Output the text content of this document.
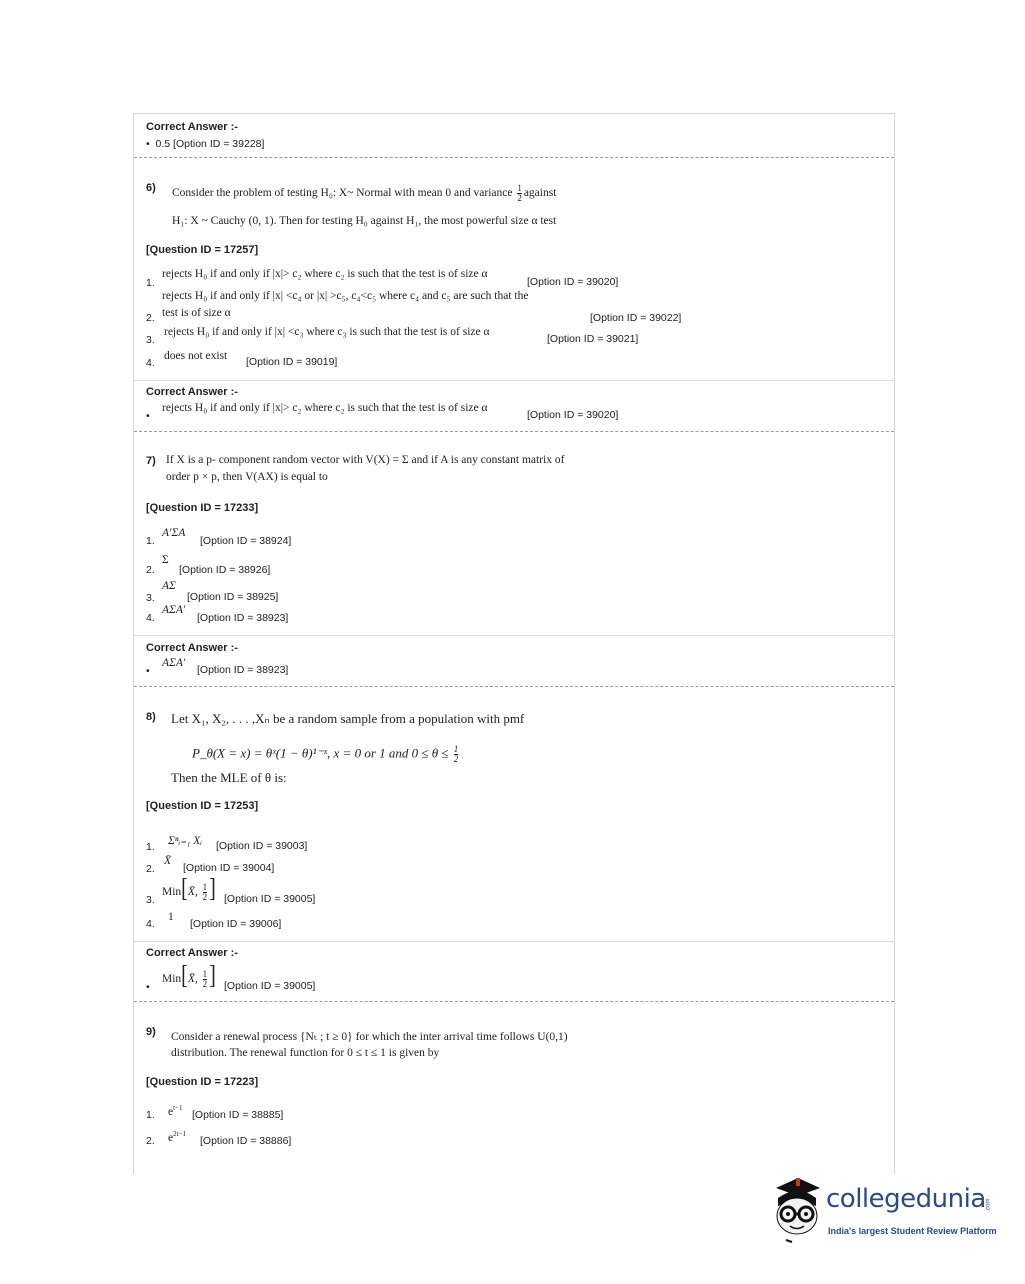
Correct Answer :-
• 0.5 [Option ID = 39228]
6) Consider the problem of testing H₀: X~ Normal with mean 0 and variance $\frac{1}{2}$ against
H₁: X ~ Cauchy (0, 1). Then for testing H₀ against H₁, the most powerful size α test
[Question ID = 17257]
1.
rejects H₀ if and only if |x|> c₂ where c₂ is such that the test is of size α
[Option ID = 39020]
rejects H₀ if and only if |x| <c₄ or |x| >c₅, c₄<c₅ where c₄ and c₅ are such that the
2. test is of size α	[Option ID = 39022]
3.
rejects H₀ if and only if |x| <c₃ where c₃ is such that the test is of size α
[Option ID = 39021]
4.
does not exist [Option ID = 39019]
Correct Answer :-
•
rejects H₀ if and only if |x|> c₂ where c₂ is such that the test is of size α
[Option ID = 39020]
7) If X is a p- component random vector with V(X) = Σ and if A is any constant matrix of
order p × p, then V(AX) is equal to
[Question ID = 17233]
1.
A′ΣA
[Option ID = 38924]
2.
Σ
[Option ID = 38926]
AΣ
3.	[Option ID = 38925]
4.
AΣA′
[Option ID = 38923]
Correct Answer :-
•
AΣA′
[Option ID = 38923]
8) Let X₁, X₂, . . . ,Xₙ be a random sample from a population with pmf
P_θ(X = x) = θˣ(1 − θ)¹⁻ˣ, x = 0 or 1 and $0 \le \theta \le \frac{1}{2}$
Then the MLE of θ is:
[Question ID = 17253]
1. Σⁿᵢ₌₁ Xᵢ [Option ID = 39003]
2.
X̄
[Option ID = 39004]
3.
Min[X̄, $\frac{1}{2}$ ] [Option ID = 39005]
4.
1
[Option ID = 39006]
Correct Answer :-
•
Min[X̄, $\frac{1}{2}$ ] [Option ID = 39005]
9) Consider a renewal process {Nₜ ; t ≥ 0} for which the inter arrival time follows U(0,1)
distribution. The renewal function for 0 ≤ t ≤ 1 is given by
[Question ID = 17223]
1. $e^{t-1}$
[Option ID = 38885]
2. $e^{2t-1}$
[Option ID = 38886]
collegedunia .com
India's largest Student Review Platform
